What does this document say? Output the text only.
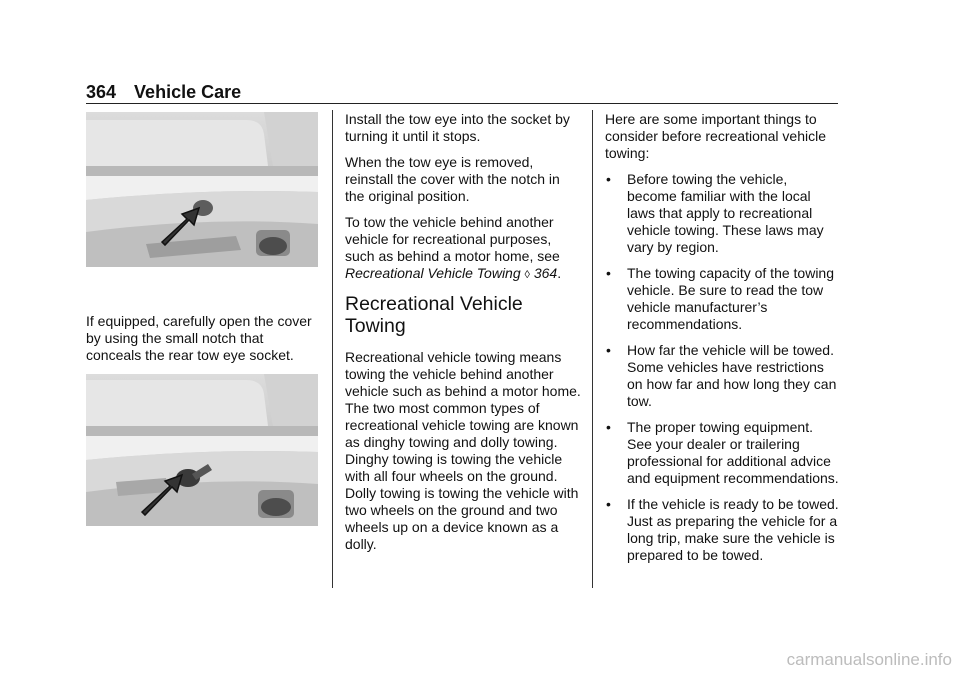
364 Vehicle Care

If equipped, carefully open the cover by using the small notch that conceals the rear tow eye socket.

Install the tow eye into the socket by turning it until it stops.

When the tow eye is removed, reinstall the cover with the notch in the original position.

To tow the vehicle behind another vehicle for recreational purposes, such as behind a motor home, see
Recreational Vehicle Towing ◊ 364.

Recreational Vehicle Towing

Recreational vehicle towing means towing the vehicle behind another vehicle such as behind a motor home. The two most common types of recreational vehicle towing are known as dinghy towing and dolly towing. Dinghy towing is towing the vehicle with all four wheels on the ground. Dolly towing is towing the vehicle with two wheels on the ground and two wheels up on a device known as a dolly.

Here are some important things to consider before recreational vehicle towing:

• Before towing the vehicle, become familiar with the local laws that apply to recreational vehicle towing. These laws may vary by region.
• The towing capacity of the towing vehicle. Be sure to read the tow vehicle manufacturer’s recommendations.
• How far the vehicle will be towed. Some vehicles have restrictions on how far and how long they can tow.
• The proper towing equipment. See your dealer or trailering professional for additional advice and equipment recommendations.
• If the vehicle is ready to be towed. Just as preparing the vehicle for a long trip, make sure the vehicle is prepared to be towed.
carmanualsonline.info
